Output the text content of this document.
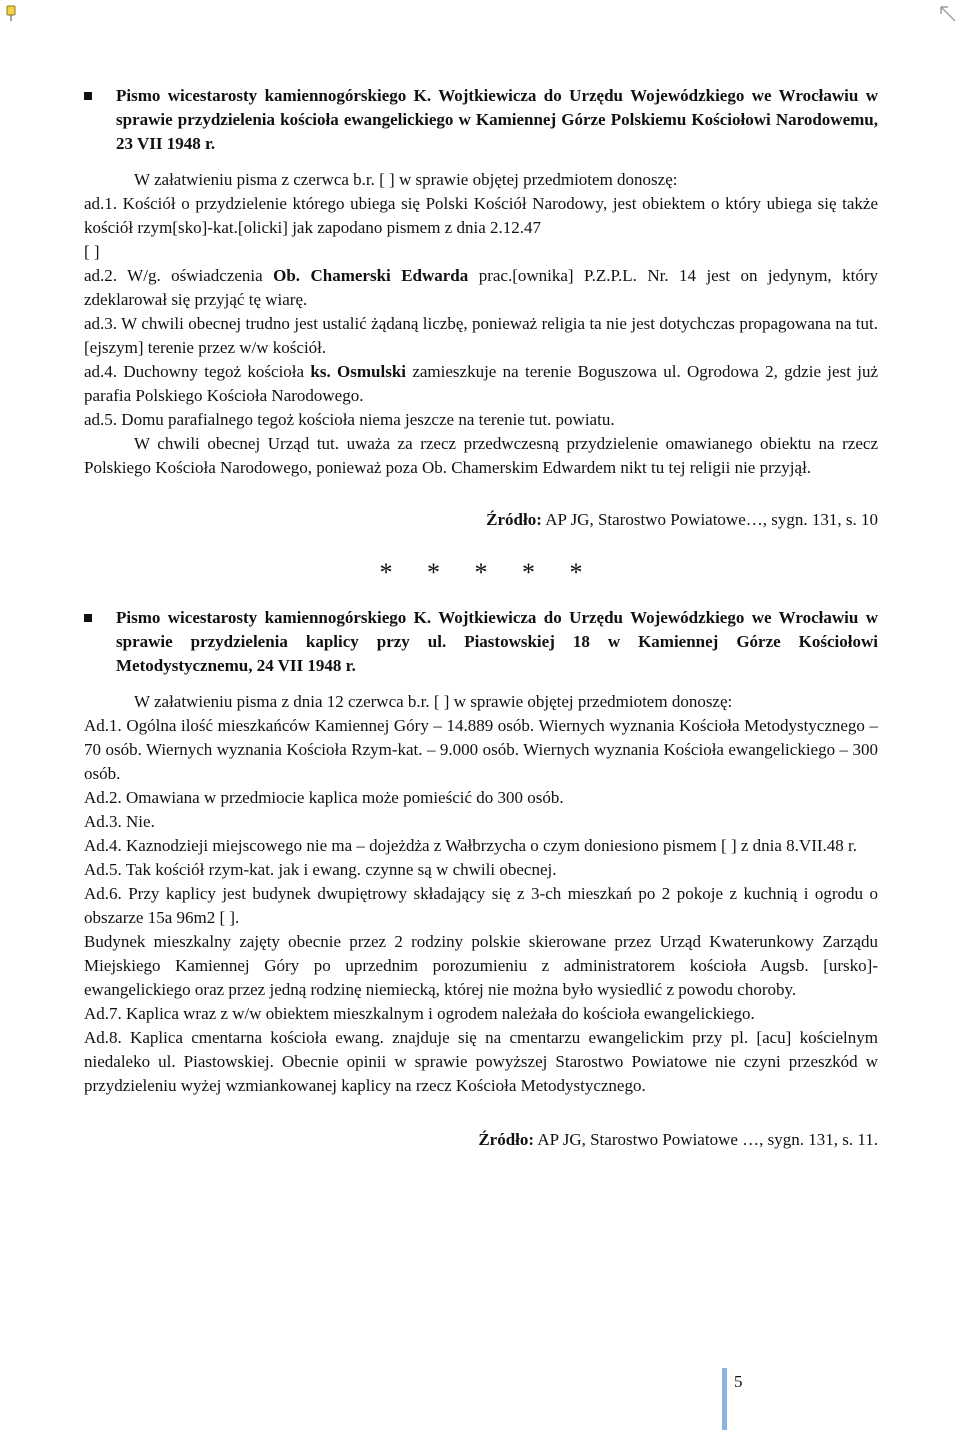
Pismo wicestarosty kamiennogórskiego K. Wojtkiewicza do Urzędu Wojewódzkiego we Wrocławiu w sprawie przydzielenia kościoła ewangelickiego w Kamiennej Górze Polskiemu Kościołowi Narodowemu, 23 VII 1948 r.

W załatwieniu pisma z czerwca b.r. [ ] w sprawie objętej przedmiotem donoszę:

ad.1. Kościół o przydzielenie którego ubiega się Polski Kościół Narodowy, jest obiektem o który ubiega się także kościół rzym[sko]-kat.[olicki] jak zapodano pismem z dnia 2.12.47

[ ]

ad.2. W/g. oświadczenia Ob. Chamerski Edwarda prac.[ownika] P.Z.P.L. Nr. 14 jest on jedynym, który zdeklarował się przyjąć tę wiarę.

ad.3. W chwili obecnej trudno jest ustalić żądaną liczbę, ponieważ religia ta nie jest dotychczas propagowana na tut.[ejszym] terenie przez w/w kościół.

ad.4. Duchowny tegoż kościoła ks. Osmulski zamieszkuje na terenie Boguszowa ul. Ogrodowa 2, gdzie jest już parafia Polskiego Kościoła Narodowego.

ad.5. Domu parafialnego tegoż kościoła niema jeszcze na terenie tut. powiatu.

W chwili obecnej Urząd tut. uważa za rzecz przedwczesną przydzielenie omawianego obiektu na rzecz Polskiego Kościoła Narodowego, ponieważ poza Ob. Chamerskim Edwardem nikt tu tej religii nie przyjął.

Źródło: AP JG, Starostwo Powiatowe…, sygn. 131, s. 10

* * * * *
Pismo wicestarosty kamiennogórskiego K. Wojtkiewicza do Urzędu Wojewódzkiego we Wrocławiu w sprawie przydzielenia kaplicy przy ul. Piastowskiej 18 w Kamiennej Górze Kościołowi Metodystycznemu, 24 VII 1948 r.

W załatwieniu pisma z dnia 12 czerwca b.r. [ ] w sprawie objętej przedmiotem donoszę:

Ad.1. Ogólna ilość mieszkańców Kamiennej Góry – 14.889 osób. Wiernych wyznania Kościoła Metodystycznego – 70 osób. Wiernych wyznania Kościoła Rzym-kat. – 9.000 osób. Wiernych wyznania Kościoła ewangelickiego – 300 osób.

Ad.2. Omawiana w przedmiocie kaplica może pomieścić do 300 osób.

Ad.3. Nie.

Ad.4. Kaznodzieji miejscowego nie ma – dojeżdża z Wałbrzycha o czym doniesiono pismem [ ] z dnia 8.VII.48 r.

Ad.5. Tak kościół rzym-kat. jak i ewang. czynne są w chwili obecnej.

Ad.6. Przy kaplicy jest budynek dwupiętrowy składający się z 3-ch mieszkań po 2 pokoje z kuchnią i ogrodu o obszarze 15a 96m2 [ ].

Budynek mieszkalny zajęty obecnie przez 2 rodziny polskie skierowane przez Urząd Kwaterunkowy Zarządu Miejskiego Kamiennej Góry po uprzednim porozumieniu z administratorem kościoła Augsb. [ursko]-ewangelickiego oraz przez jedną rodzinę niemiecką, której nie można było wysiedlić z powodu choroby.

Ad.7. Kaplica wraz z w/w obiektem mieszkalnym i ogrodem należała do kościoła ewangelickiego.

Ad.8. Kaplica cmentarna kościoła ewang. znajduje się na cmentarzu ewangelickim przy pl. [acu] kościelnym niedaleko ul. Piastowskiej. Obecnie opinii w sprawie powyższej Starostwo Powiatowe nie czyni przeszkód w przydzieleniu wyżej wzmiankowanej kaplicy na rzecz Kościoła Metodystycznego.

Źródło: AP JG, Starostwo Powiatowe …, sygn. 131, s. 11.

5
